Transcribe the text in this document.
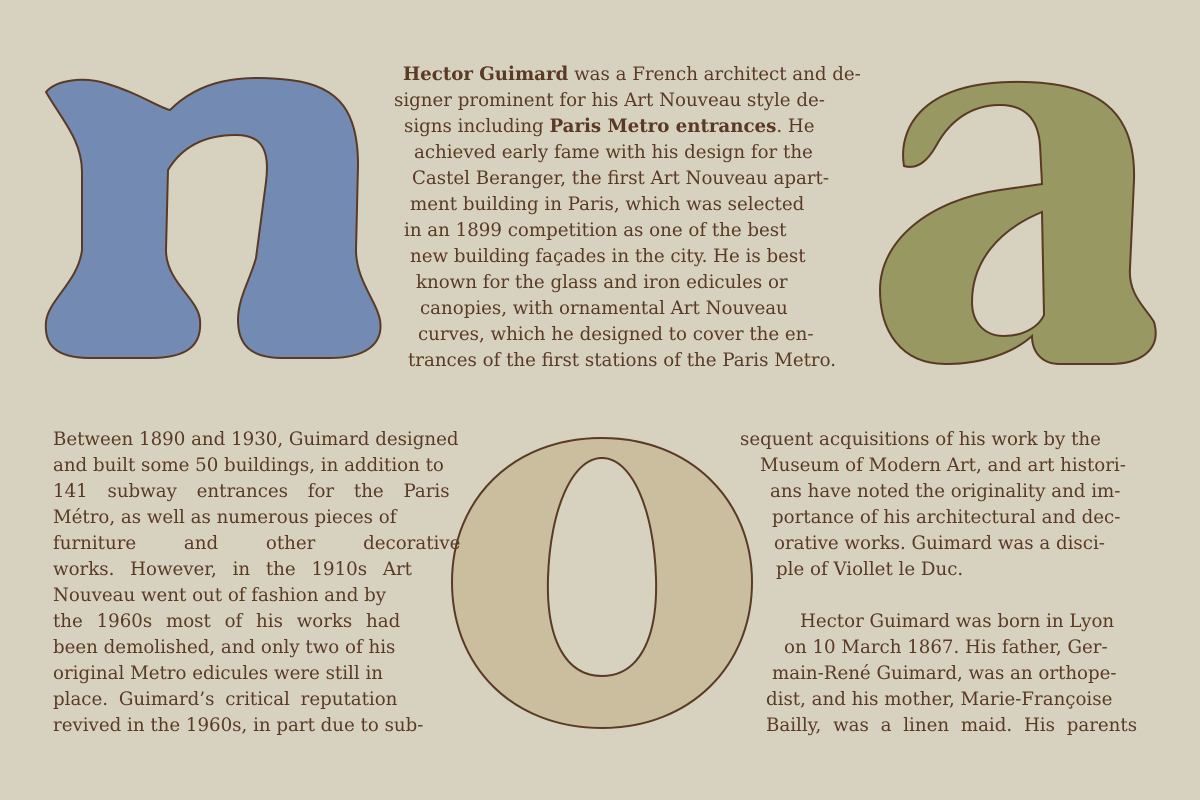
Hector Guimard was a French architect and de-

signer prominent for his Art Nouveau style de-

signs including Paris Metro entrances. He

achieved early fame with his design for the

Castel Beranger, the first Art Nouveau apart-

ment building in Paris, which was selected

in an 1899 competition as one of the best

new building façades in the city. He is best

known for the glass and iron edicules or

canopies, with ornamental Art Nouveau

curves, which he designed to cover the en-

trances of the first stations of the Paris Metro.

Between 1890 and 1930, Guimard designed

and built some 50 buildings, in addition to

141 subway entrances for the Paris

Métro, as well as numerous pieces of

furniture and other decorative

works. However, in the 1910s Art

Nouveau went out of fashion and by

the 1960s most of his works had

been demolished, and only two of his

original Metro edicules were still in

place. Guimard’s critical reputation

revived in the 1960s, in part due to sub-

sequent acquisitions of his work by the

Museum of Modern Art, and art histori-

ans have noted the originality and im-

portance of his architectural and dec-

orative works. Guimard was a disci-

ple of Viollet le Duc.

Hector Guimard was born in Lyon

on 10 March 1867. His father, Ger-

main-René Guimard, was an orthope-

dist, and his mother, Marie-Françoise

Bailly, was a linen maid. His parents
